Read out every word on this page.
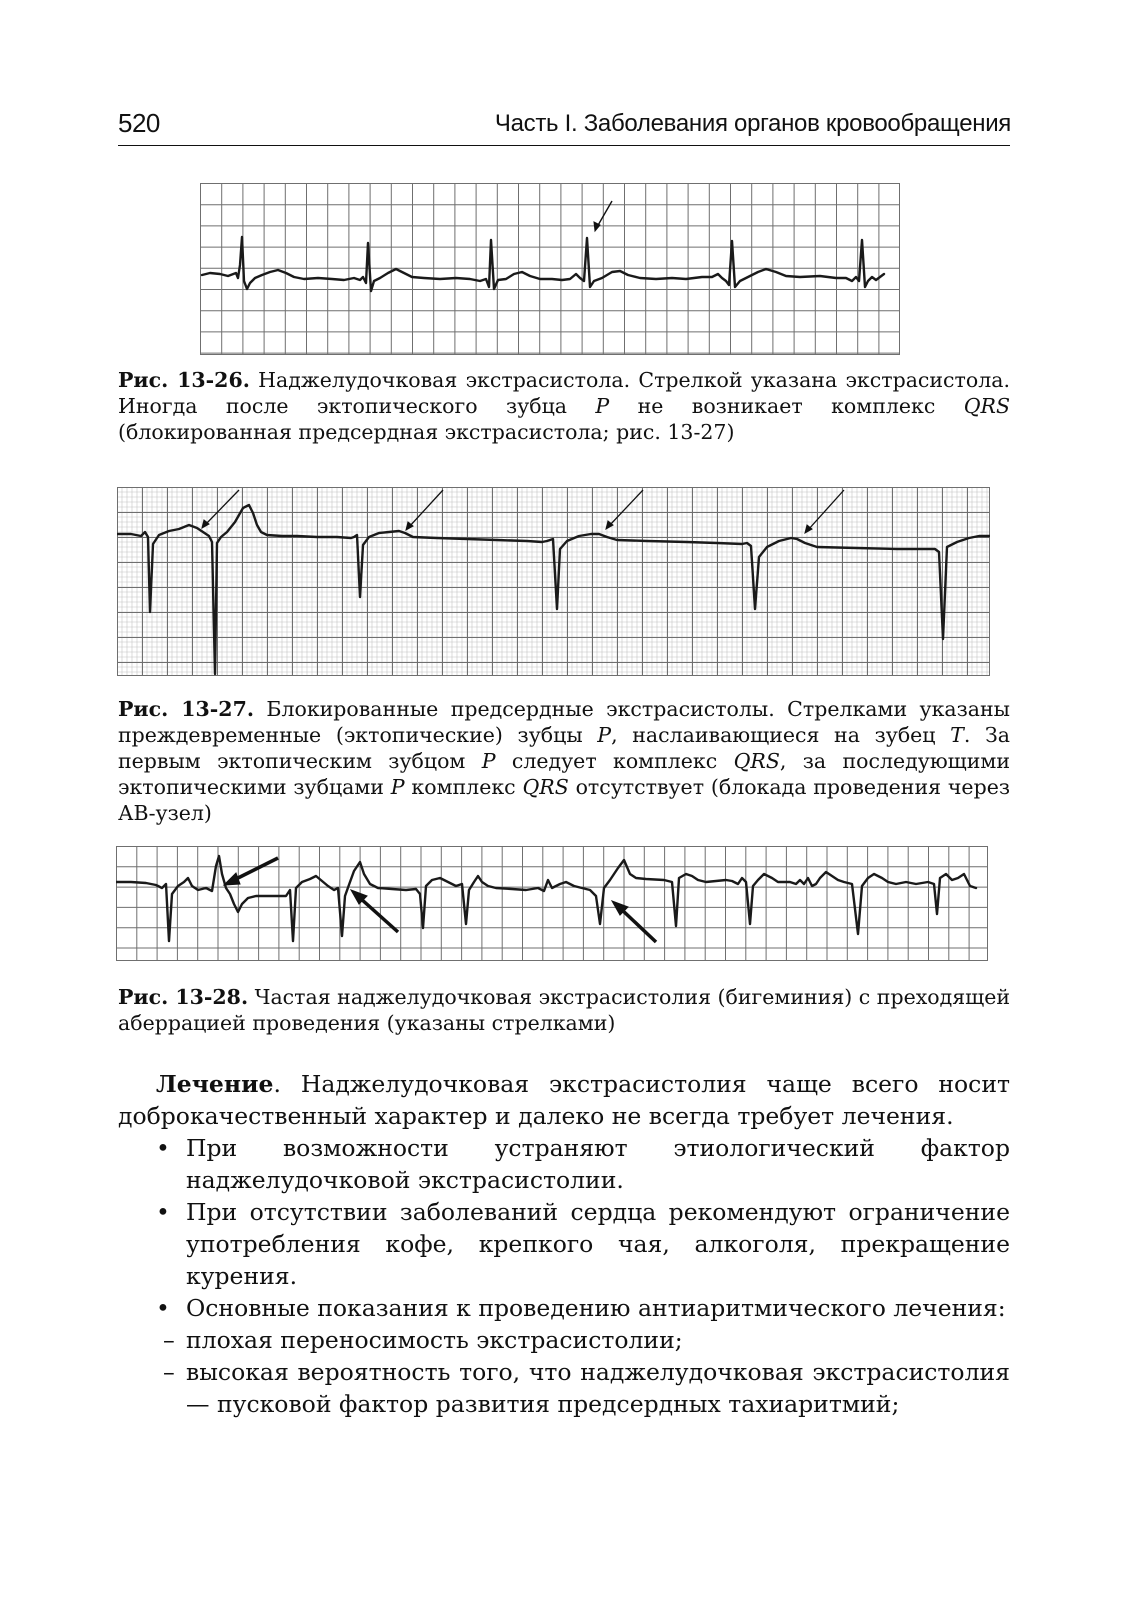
520	Часть I. Заболевания органов кровообращения
Рис. 13-26. Наджелудочковая экстрасистола. Стрелкой указана экстрасистола. Иногда после эктопического зубца P не возникает комплекс QRS (блокированная предсердная экстрасистола; рис. 13-27)
Рис. 13-27. Блокированные предсердные экстрасистолы. Стрелками указаны преждевременные (эктопические) зубцы P, наслаивающиеся на зубец T. За первым эктопическим зубцом P следует комплекс QRS, за последующими эктопическими зубцами P комплекс QRS отсутствует (блокада проведения через АВ-узел)
Рис. 13-28. Частая наджелудочковая экстрасистолия (бигеминия) с преходящей аберрацией проведения (указаны стрелками)

Лечение. Наджелудочковая экстрасистолия чаще всего носит доброкачественный характер и далеко не всегда требует лечения.

• При возможности устраняют этиологический фактор наджелудочковой экстрасистолии.
• При отсутствии заболеваний сердца рекомендуют ограничение употребления кофе, крепкого чая, алкоголя, прекращение курения.
• Основные показания к проведению антиаритмического лечения:
– плохая переносимость экстрасистолии;
– высокая вероятность того, что наджелудочковая экстрасистолия — пусковой фактор развития предсердных тахиаритмий;
